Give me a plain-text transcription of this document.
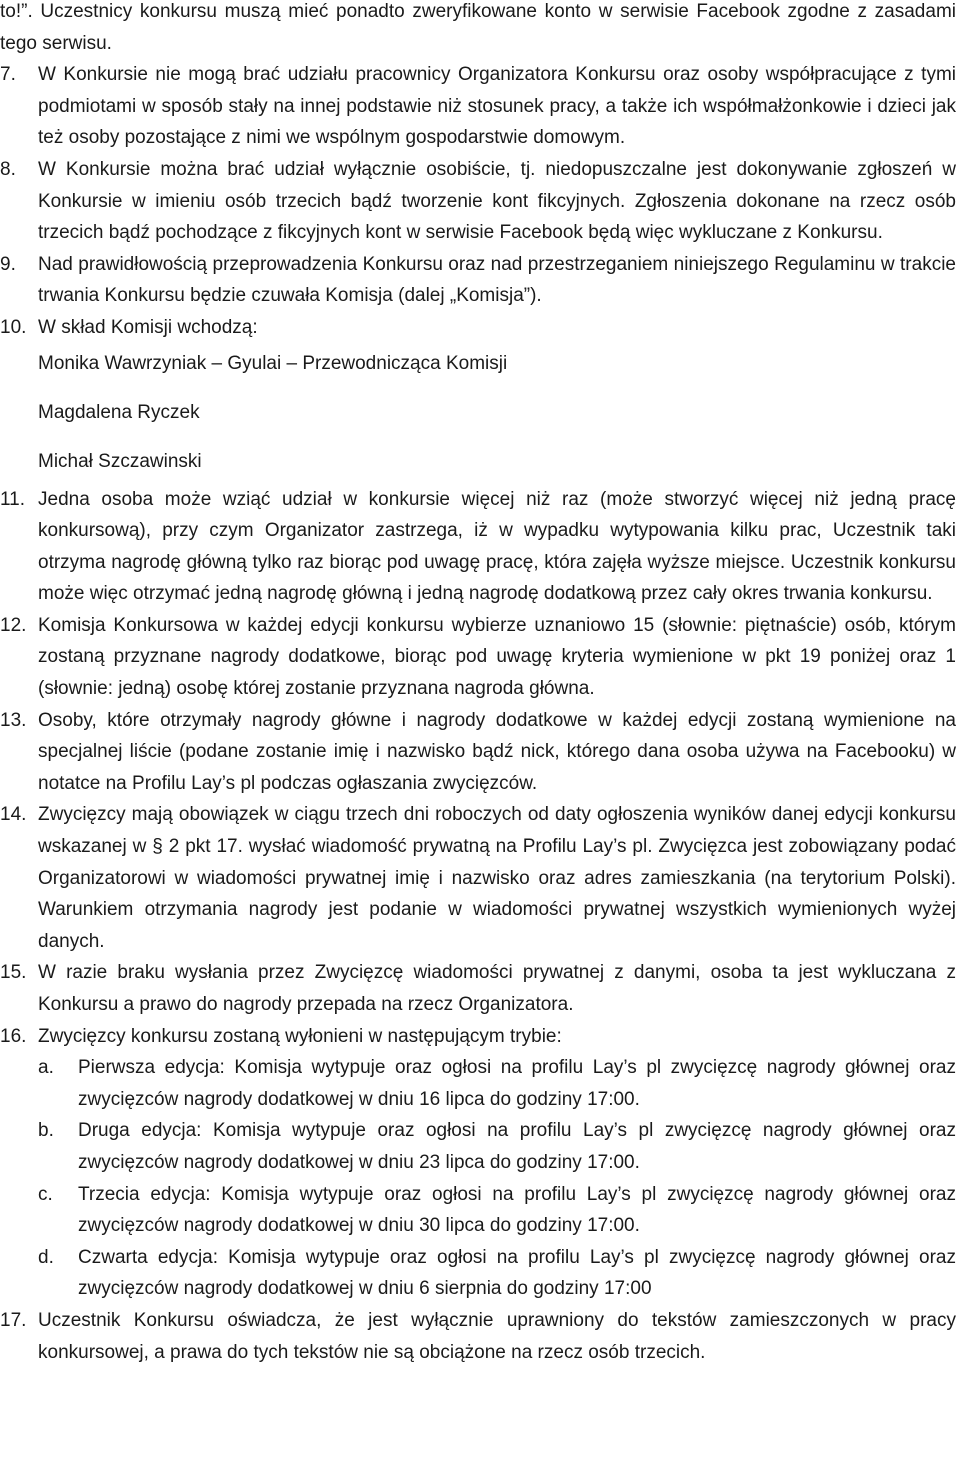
to!”. Uczestnicy konkursu muszą mieć ponadto zweryfikowane konto w serwisie Facebook zgodne z zasadami tego serwisu.
7.	W Konkursie nie mogą brać udziału pracownicy Organizatora Konkursu oraz osoby współpracujące z tymi podmiotami w sposób stały na innej podstawie niż stosunek pracy, a także ich współmałżonkowie i dzieci jak też osoby pozostające z nimi we wspólnym gospodarstwie domowym.
8.	W Konkursie można brać udział wyłącznie osobiście, tj. niedopuszczalne jest dokonywanie zgłoszeń w Konkursie w imieniu osób trzecich bądź tworzenie kont fikcyjnych. Zgłoszenia dokonane na rzecz osób trzecich bądź pochodzące z fikcyjnych kont w serwisie Facebook będą więc wykluczane z Konkursu.
9.	Nad prawidłowością przeprowadzenia Konkursu oraz nad przestrzeganiem niniejszego Regulaminu w trakcie trwania Konkursu będzie czuwała Komisja (dalej „Komisja”).
10. W skład Komisji wchodzą:
Monika Wawrzyniak – Gyulai – Przewodnicząca Komisji
Magdalena Ryczek
Michał Szczawinski
11. Jedna osoba może wziąć udział w konkursie więcej niż raz (może stworzyć więcej niż jedną pracę konkursową), przy czym Organizator zastrzega, iż w wypadku wytypowania kilku prac, Uczestnik taki otrzyma nagrodę główną tylko raz biorąc pod uwagę pracę, która zajęła wyższe miejsce. Uczestnik konkursu może więc otrzymać jedną nagrodę główną i jedną nagrodę dodatkową przez cały okres trwania konkursu.
12. Komisja Konkursowa w każdej edycji konkursu wybierze uznaniowo 15 (słownie: piętnaście) osób, którym zostaną przyznane nagrody dodatkowe, biorąc pod uwagę kryteria wymienione w pkt 19 poniżej oraz 1 (słownie: jedną) osobę której zostanie przyznana nagroda główna.
13. Osoby, które otrzymały nagrody główne i nagrody dodatkowe w każdej edycji zostaną wymienione na specjalnej liście (podane zostanie imię i nazwisko bądź nick, którego dana osoba używa na Facebooku) w notatce na Profilu Lay’s pl podczas ogłaszania zwycięzców.
14. Zwycięzcy mają obowiązek w ciągu trzech dni roboczych od daty ogłoszenia wyników danej edycji konkursu wskazanej w § 2 pkt 17. wysłać wiadomość prywatną na Profilu Lay’s pl. Zwycięzca jest zobowiązany podać Organizatorowi w wiadomości prywatnej imię i nazwisko oraz adres zamieszkania (na terytorium Polski). Warunkiem otrzymania nagrody jest podanie w wiadomości prywatnej wszystkich wymienionych wyżej danych.
15. W razie braku wysłania przez Zwycięzcę wiadomości prywatnej z danymi, osoba ta jest wykluczana z Konkursu a prawo do nagrody przepada na rzecz Organizatora.
16. Zwycięzcy konkursu zostaną wyłonieni w następującym trybie:
a.	Pierwsza edycja: Komisja wytypuje oraz ogłosi na profilu Lay’s pl zwycięzcę nagrody głównej oraz zwycięzców nagrody dodatkowej w dniu 16 lipca do godziny 17:00.
b.	Druga edycja: Komisja wytypuje oraz ogłosi na profilu Lay’s pl zwycięzcę nagrody głównej oraz zwycięzców nagrody dodatkowej w dniu 23 lipca do godziny 17:00.
c.	Trzecia edycja: Komisja wytypuje oraz ogłosi na profilu Lay’s pl zwycięzcę nagrody głównej oraz zwycięzców nagrody dodatkowej w dniu 30 lipca do godziny 17:00.
d.	Czwarta edycja: Komisja wytypuje oraz ogłosi na profilu Lay’s pl zwycięzcę nagrody głównej oraz zwycięzców nagrody dodatkowej w dniu 6 sierpnia do godziny 17:00
17. Uczestnik Konkursu oświadcza, że jest wyłącznie uprawniony do tekstów zamieszczonych w pracy konkursowej, a prawa do tych tekstów nie są obciążone na rzecz osób trzecich.
